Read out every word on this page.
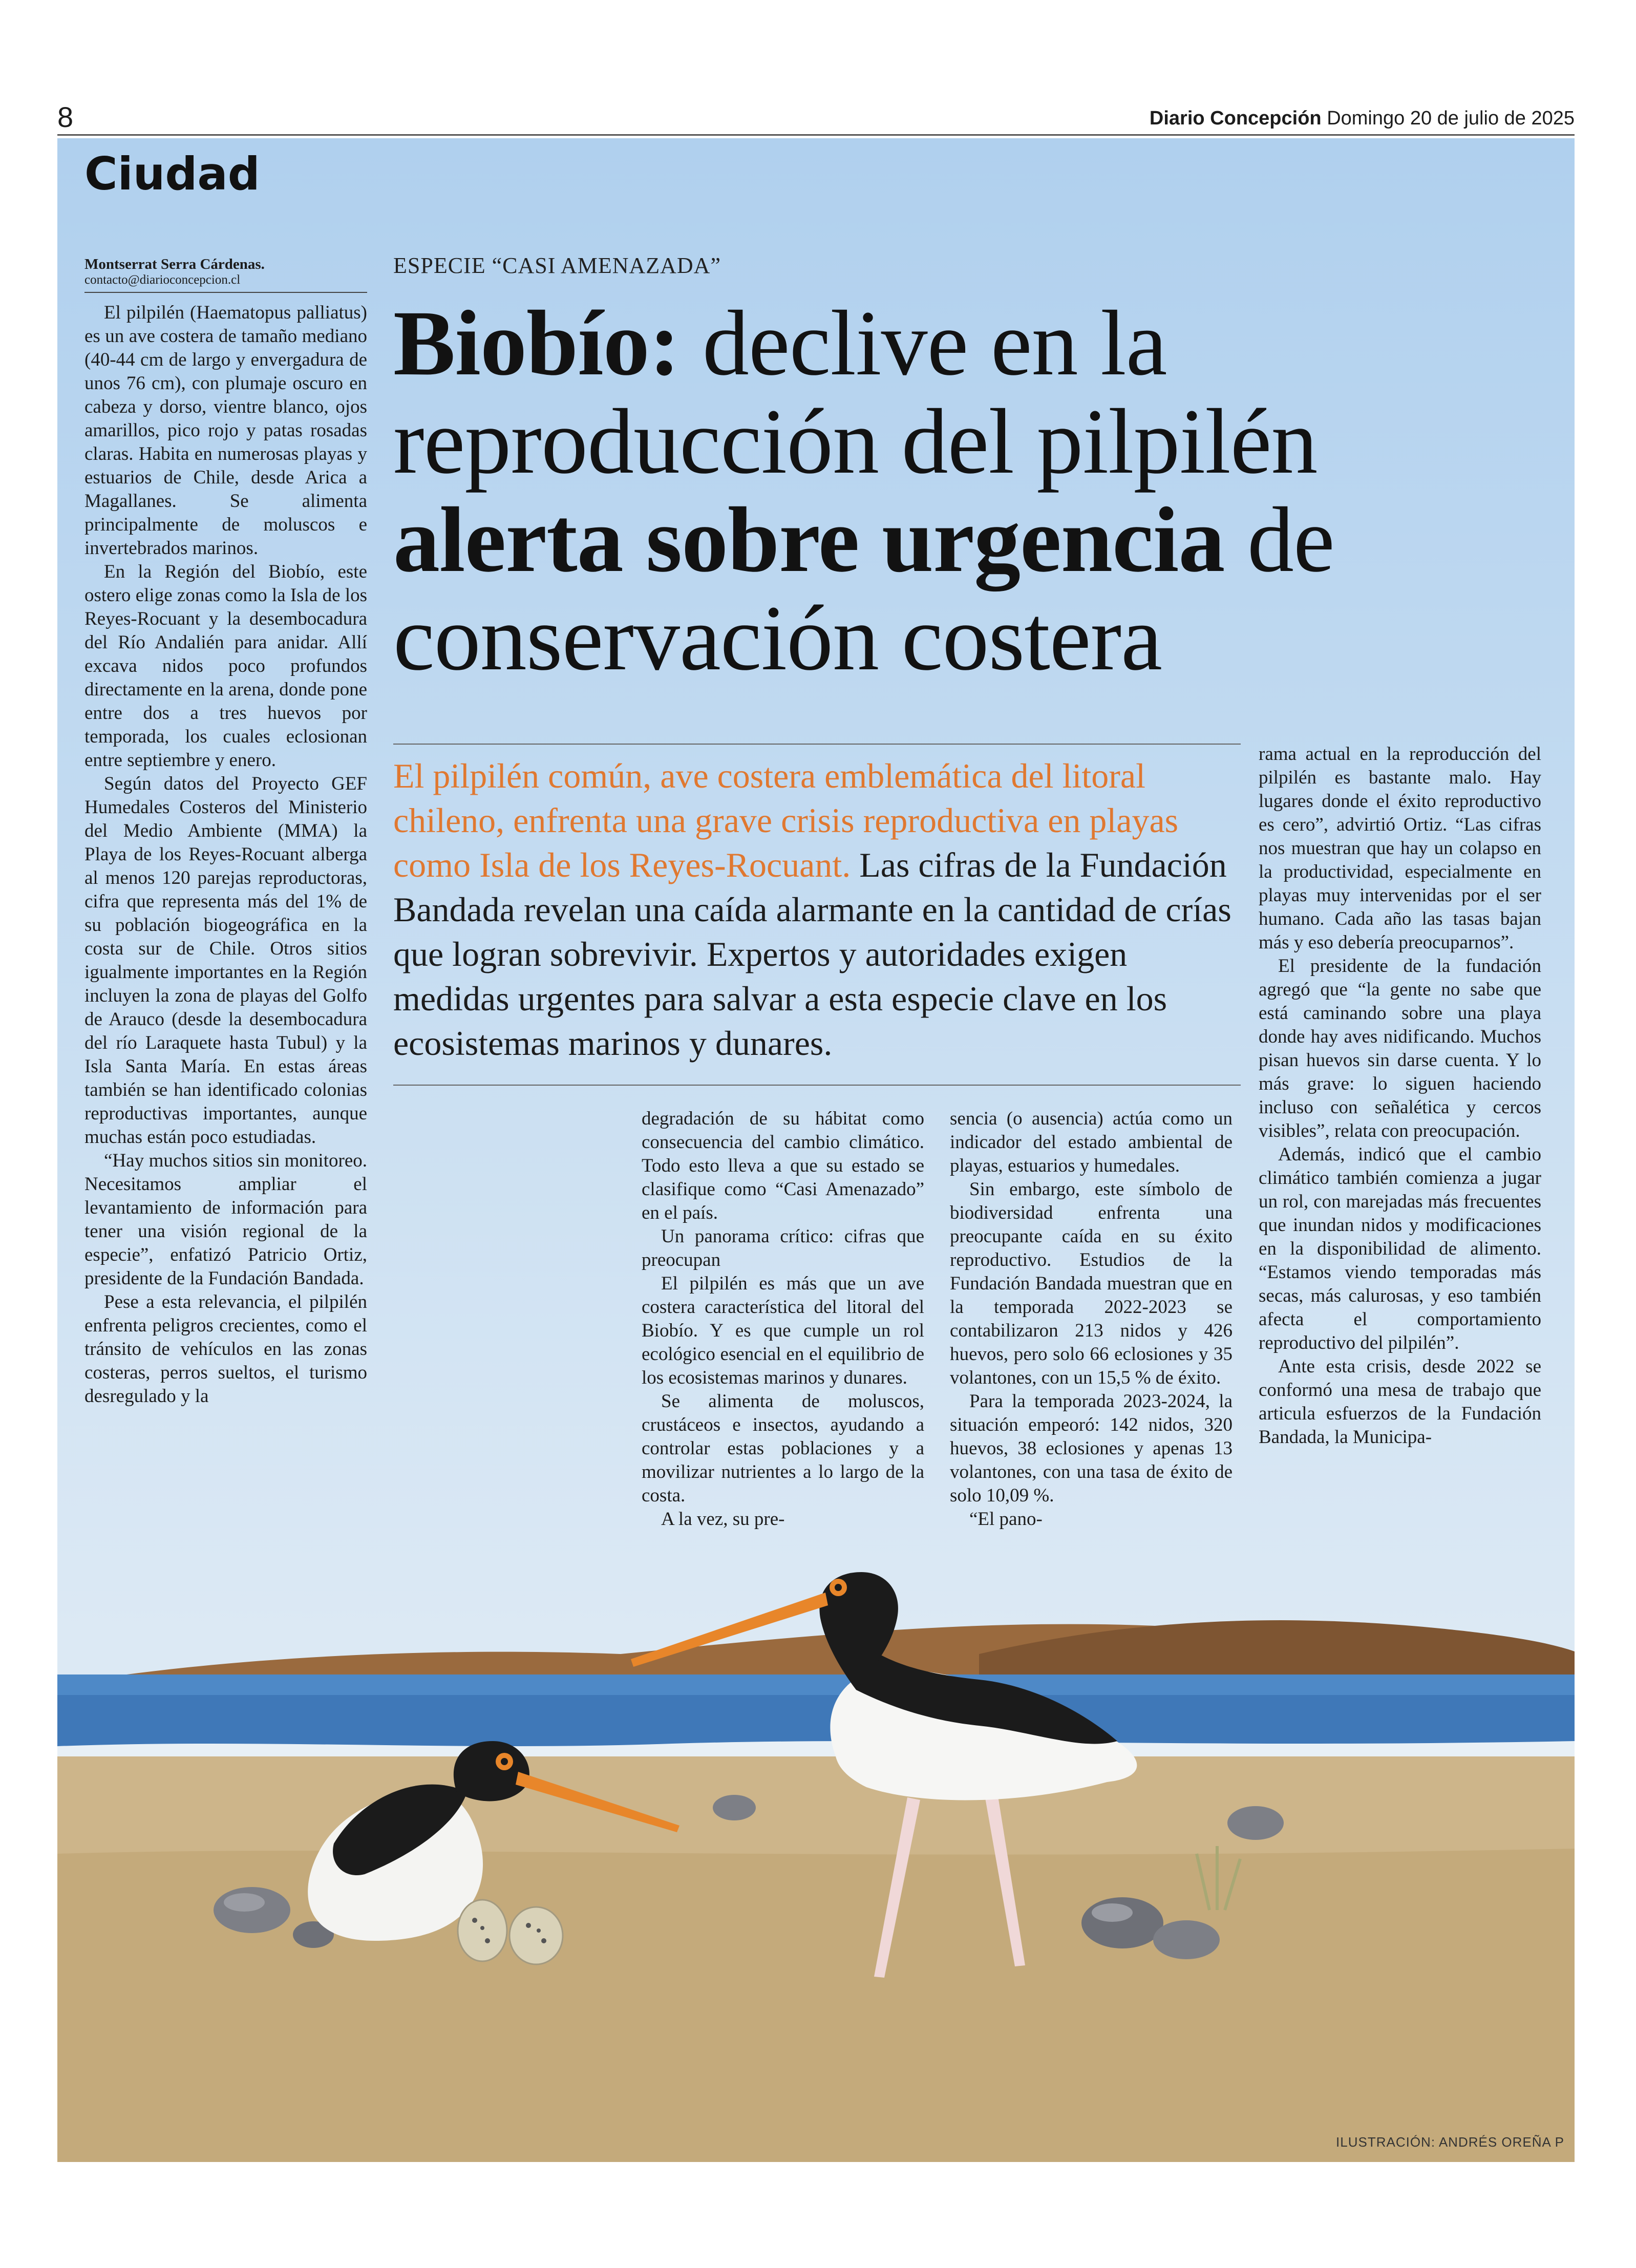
8	Diario Concepción Domingo 20 de julio de 2025
Ciudad
Montserrat Serra Cárdenas.
contacto@diarioconcepcion.cl

El pilpilén (Haematopus palliatus) es un ave costera de tamaño mediano (40-44 cm de largo y envergadura de unos 76 cm), con plumaje oscuro en cabeza y dorso, vientre blanco, ojos amarillos, pico rojo y patas rosadas claras. Habita en numerosas playas y estuarios de Chile, desde Arica a Magallanes. Se alimenta principalmente de moluscos e invertebrados marinos.

En la Región del Biobío, este ostero elige zonas como la Isla de los Reyes-Rocuant y la desembocadura del Río Andalién para anidar. Allí excava nidos poco profundos directamente en la arena, donde pone entre dos a tres huevos por temporada, los cuales eclosionan entre septiembre y enero.

Según datos del Proyecto GEF Humedales Costeros del Ministerio del Medio Ambiente (MMA) la Playa de los Reyes-Rocuant alberga al menos 120 parejas reproductoras, cifra que representa más del 1% de su población biogeográfica en la costa sur de Chile. Otros sitios igualmente importantes en la Región incluyen la zona de playas del Golfo de Arauco (desde la desembocadura del río Laraquete hasta Tubul) y la Isla Santa María. En estas áreas también se han identificado colonias reproductivas importantes, aunque muchas están poco estudiadas.

“Hay muchos sitios sin monitoreo. Necesitamos ampliar el levantamiento de información para tener una visión regional de la especie”, enfatizó Patricio Ortiz, presidente de la Fundación Bandada.

Pese a esta relevancia, el pilpilén enfrenta peligros crecientes, como el tránsito de vehículos en las zonas costeras, perros sueltos, el turismo desregulado y la

ESPECIE “CASI AMENAZADA”
Biobío: declive en la reproducción del pilpilén alerta sobre urgencia de conservación costera
El pilpilén común, ave costera emblemática del litoral chileno, enfrenta una grave crisis reproductiva en playas como Isla de los Reyes-Rocuant. Las cifras de la Fundación Bandada revelan una caída alarmante en la cantidad de crías que logran sobrevivir. Expertos y autoridades exigen medidas urgentes para salvar a esta especie clave en los ecosistemas marinos y dunares.

degradación de su hábitat como consecuencia del cambio climático. Todo esto lleva a que su estado se clasifique como “Casi Amenazado” en el país.

Un panorama crítico: cifras que preocupan

El pilpilén es más que un ave costera característica del litoral del Biobío. Y es que cumple un rol ecológico esencial en el equilibrio de los ecosistemas marinos y dunares.

Se alimenta de moluscos, crustáceos e insectos, ayudando a controlar estas poblaciones y a movilizar nutrientes a lo largo de la costa.

A la vez, su pre-

sencia (o ausencia) actúa como un indicador del estado ambiental de playas, estuarios y humedales.

Sin embargo, este símbolo de biodiversidad enfrenta una preocupante caída en su éxito reproductivo. Estudios de la Fundación Bandada muestran que en la temporada 2022-2023 se contabilizaron 213 nidos y 426 huevos, pero solo 66 eclosiones y 35 volantones, con un 15,5 % de éxito.

Para la temporada 2023-2024, la situación empeoró: 142 nidos, 320 huevos, 38 eclosiones y apenas 13 volantones, con una tasa de éxito de solo 10,09 %.

“El pano-

rama actual en la reproducción del pilpilén es bastante malo. Hay lugares donde el éxito reproductivo es cero”, advirtió Ortiz. “Las cifras nos muestran que hay un colapso en la productividad, especialmente en playas muy intervenidas por el ser humano. Cada año las tasas bajan más y eso debería preocuparnos”.

El presidente de la fundación agregó que “la gente no sabe que está caminando sobre una playa donde hay aves nidificando. Muchos pisan huevos sin darse cuenta. Y lo más grave: lo siguen haciendo incluso con señalética y cercos visibles”, relata con preocupación.

Además, indicó que el cambio climático también comienza a jugar un rol, con marejadas más frecuentes que inundan nidos y modificaciones en la disponibilidad de alimento. “Estamos viendo temporadas más secas, más calurosas, y eso también afecta el comportamiento reproductivo del pilpilén”.

Ante esta crisis, desde 2022 se conformó una mesa de trabajo que articula esfuerzos de la Fundación Bandada, la Municipa-

ILUSTRACIÓN: ANDRÉS OREÑA P
